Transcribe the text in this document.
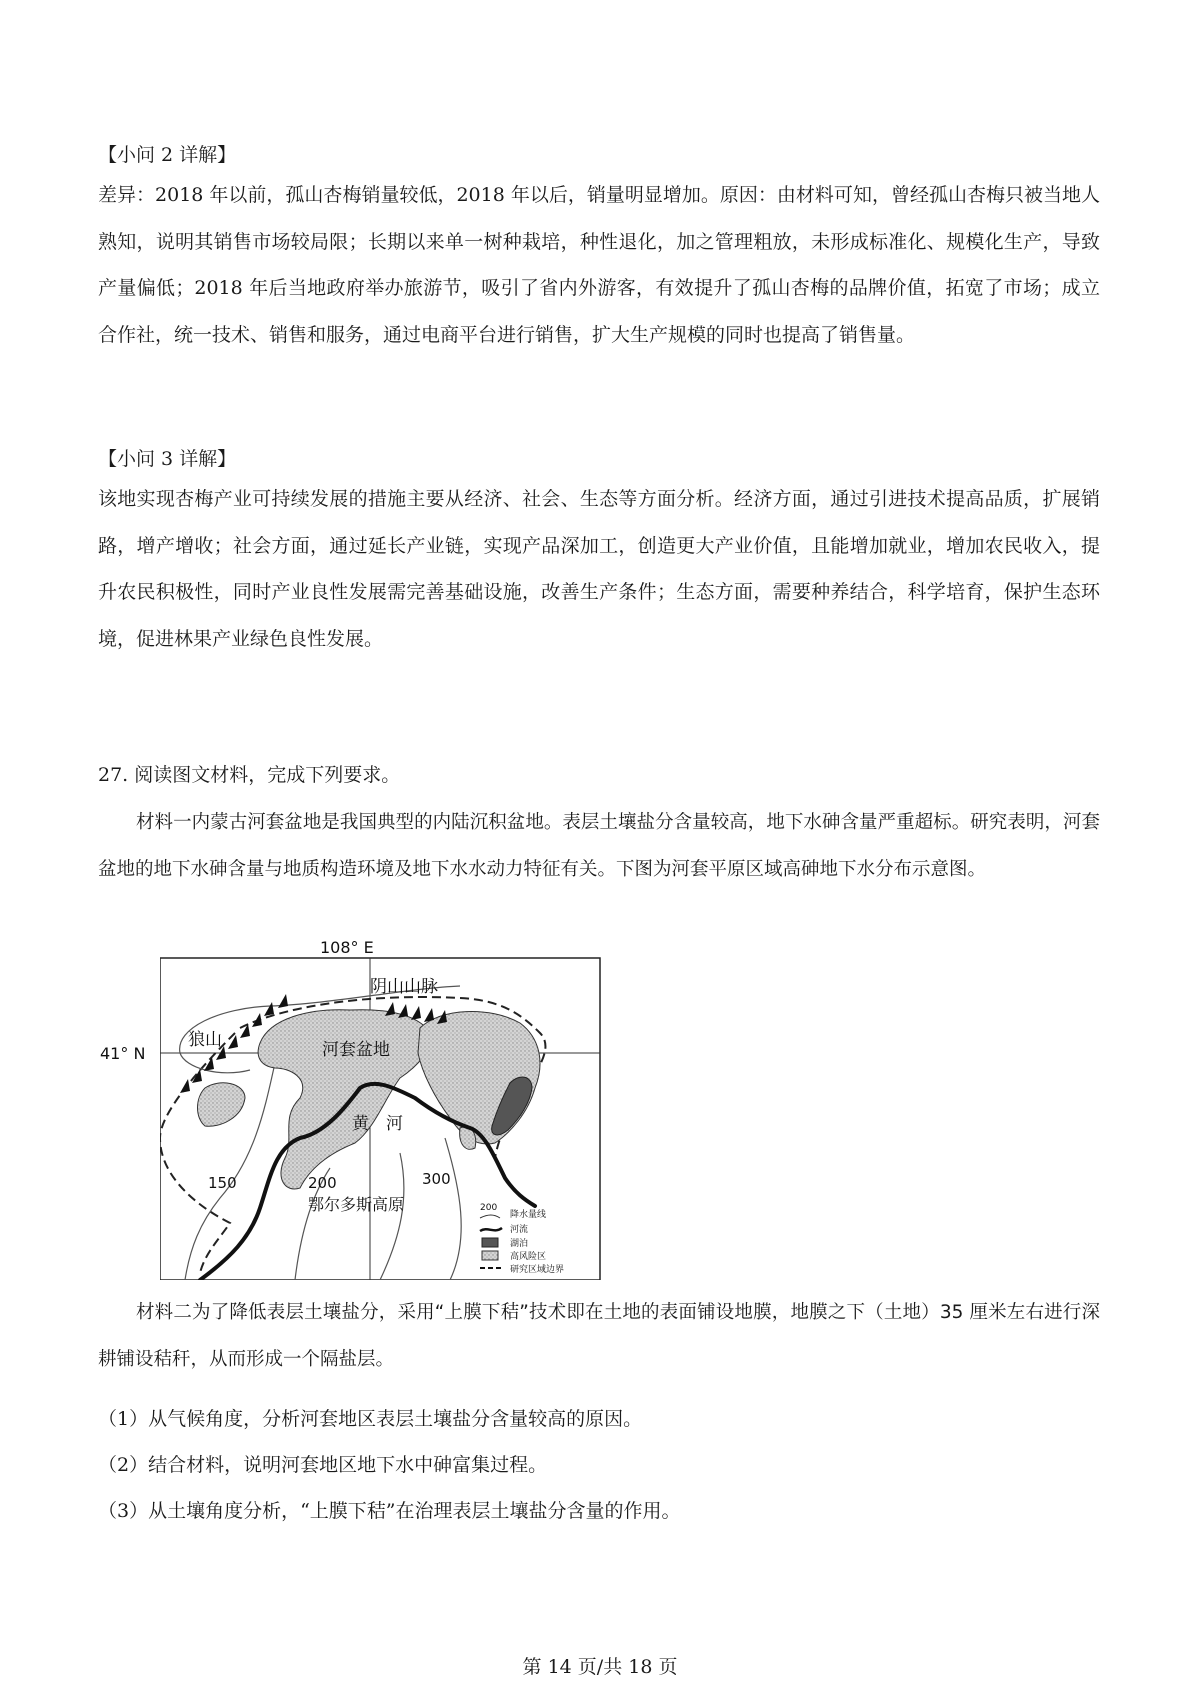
【小问 2 详解】

差异：2018 年以前，孤山杏梅销量较低，2018 年以后，销量明显增加。原因：由材料可知，曾经孤山杏梅只被当地人熟知，说明其销售市场较局限；长期以来单一树种栽培，种性退化，加之管理粗放，未形成标准化、规模化生产，导致产量偏低；2018 年后当地政府举办旅游节，吸引了省内外游客，有效提升了孤山杏梅的品牌价值，拓宽了市场；成立合作社，统一技术、销售和服务，通过电商平台进行销售，扩大生产规模的同时也提高了销售量。

【小问 3 详解】

该地实现杏梅产业可持续发展的措施主要从经济、社会、生态等方面分析。经济方面，通过引进技术提高品质，扩展销路，增产增收；社会方面，通过延长产业链，实现产品深加工，创造更大产业价值，且能增加就业，增加农民收入，提升农民积极性，同时产业良性发展需完善基础设施，改善生产条件；生态方面，需要种养结合，科学培育，保护生态环境，促进林果产业绿色良性发展。

27. 阅读图文材料，完成下列要求。

材料一内蒙古河套盆地是我国典型的内陆沉积盆地。表层土壤盐分含量较高，地下水砷含量严重超标。研究表明，河套盆地的地下水砷含量与地质构造环境及地下水水动力特征有关。下图为河套平原区域高砷地下水分布示意图。

108° E
41° N
阴山山脉
狼山	河套盆地
黄　河
鄂尔多斯高原
150	200	300
200
降水量线
河流
湖泊
高风险区
研究区域边界

材料二为了降低表层土壤盐分，采用“上膜下秸”技术即在土地的表面铺设地膜，地膜之下（土地）35 厘米左右进行深耕铺设秸秆，从而形成一个隔盐层。

（1）从气候角度，分析河套地区表层土壤盐分含量较高的原因。
（2）结合材料，说明河套地区地下水中砷富集过程。
（3）从土壤角度分析，“上膜下秸”在治理表层土壤盐分含量的作用。
第 14 页/共 18 页
